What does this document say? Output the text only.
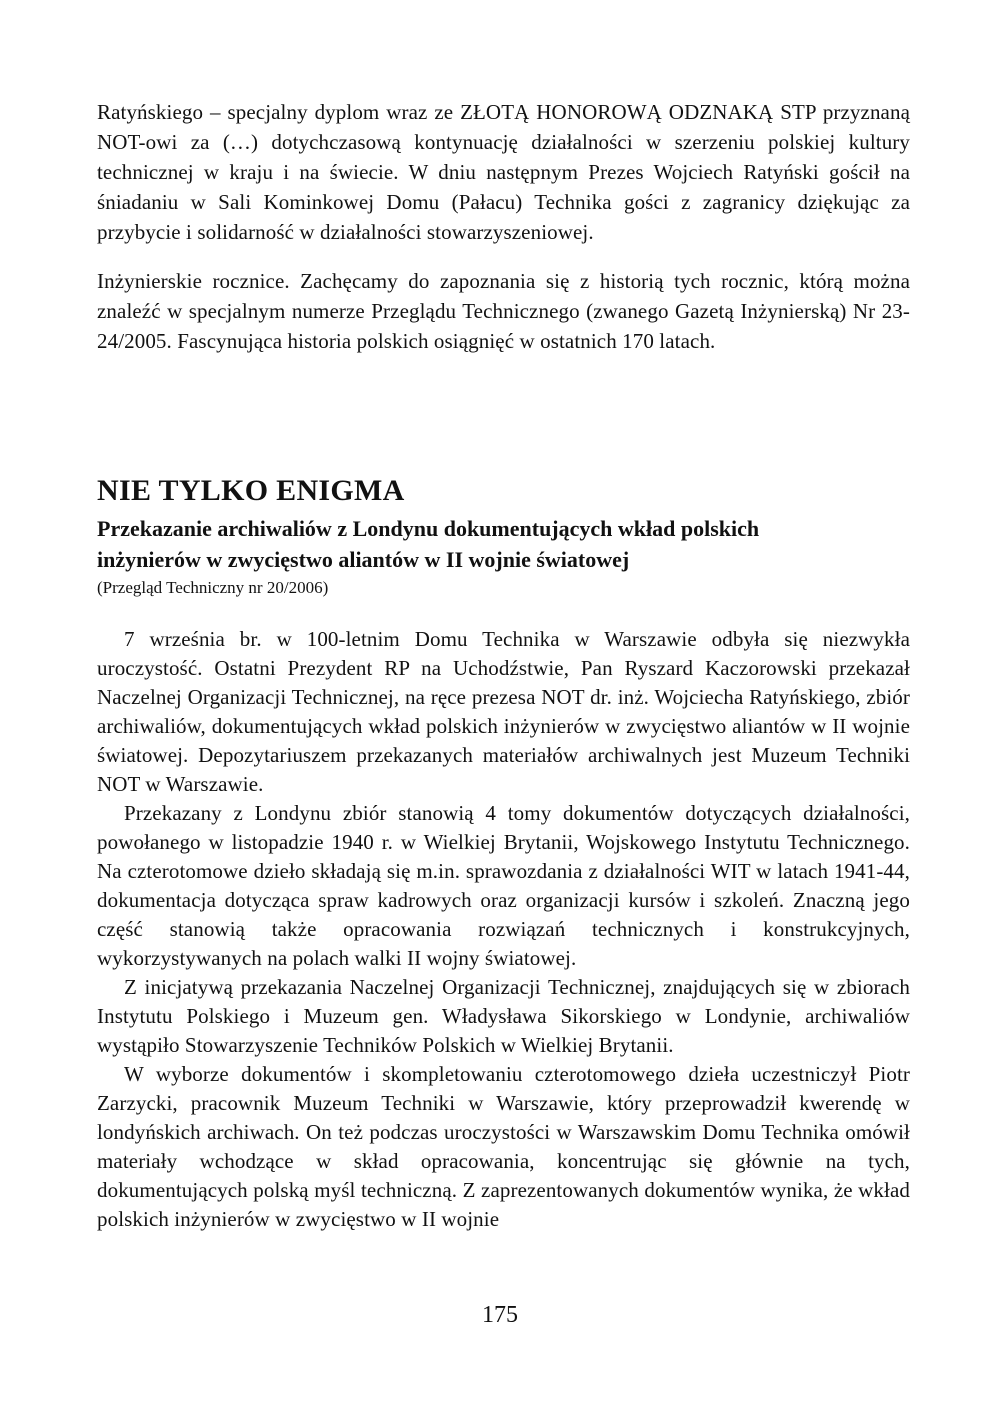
Ratyńskiego – specjalny dyplom wraz ze ZŁOTĄ HONOROWĄ ODZNAKĄ STP przyznaną NOT-owi za (…) dotychczasową kontynuację działalności w szerzeniu polskiej kultury technicznej w kraju i na świecie. W dniu następnym Prezes Wojciech Ratyński gościł na śniadaniu w Sali Kominkowej Domu (Pałacu) Technika gości z zagranicy dziękując za przybycie i solidarność w działalności stowarzyszeniowej.

Inżynierskie rocznice. Zachęcamy do zapoznania się z historią tych rocznic, którą można znaleźć w specjalnym numerze Przeglądu Technicznego (zwanego Gazetą Inżynierską) Nr 23-24/2005. Fascynująca historia polskich osiągnięć w ostatnich 170 latach.

NIE TYLKO ENIGMA
Przekazanie archiwaliów z Londynu dokumentujących wkład polskich inżynierów w zwycięstwo aliantów w II wojnie światowej
(Przegląd Techniczny nr 20/2006)

7 września br. w 100-letnim Domu Technika w Warszawie odbyła się niezwykła uroczystość. Ostatni Prezydent RP na Uchodźstwie, Pan Ryszard Kaczorowski przekazał Naczelnej Organizacji Technicznej, na ręce prezesa NOT dr. inż. Wojciecha Ratyńskiego, zbiór archiwaliów, dokumentujących wkład polskich inżynierów w zwycięstwo aliantów w II wojnie światowej. Depozytariuszem przekazanych materiałów archiwalnych jest Muzeum Techniki NOT w Warszawie.

Przekazany z Londynu zbiór stanowią 4 tomy dokumentów dotyczących działalności, powołanego w listopadzie 1940 r. w Wielkiej Brytanii, Wojskowego Instytutu Technicznego. Na czterotomowe dzieło składają się m.in. sprawozdania z działalności WIT w latach 1941-44, dokumentacja dotycząca spraw kadrowych oraz organizacji kursów i szkoleń. Znaczną jego część stanowią także opracowania rozwiązań technicznych i konstrukcyjnych, wykorzystywanych na polach walki II wojny światowej.

Z inicjatywą przekazania Naczelnej Organizacji Technicznej, znajdujących się w zbiorach Instytutu Polskiego i Muzeum gen. Władysława Sikorskiego w Londynie, archiwaliów wystąpiło Stowarzyszenie Techników Polskich w Wielkiej Brytanii.

W wyborze dokumentów i skompletowaniu czterotomowego dzieła uczestniczył Piotr Zarzycki, pracownik Muzeum Techniki w Warszawie, który przeprowadził kwerendę w londyńskich archiwach. On też podczas uroczystości w Warszawskim Domu Technika omówił materiały wchodzące w skład opracowania, koncentrując się głównie na tych, dokumentujących polską myśl techniczną. Z zaprezentowanych dokumentów wynika, że wkład polskich inżynierów w zwycięstwo w II wojnie

175
